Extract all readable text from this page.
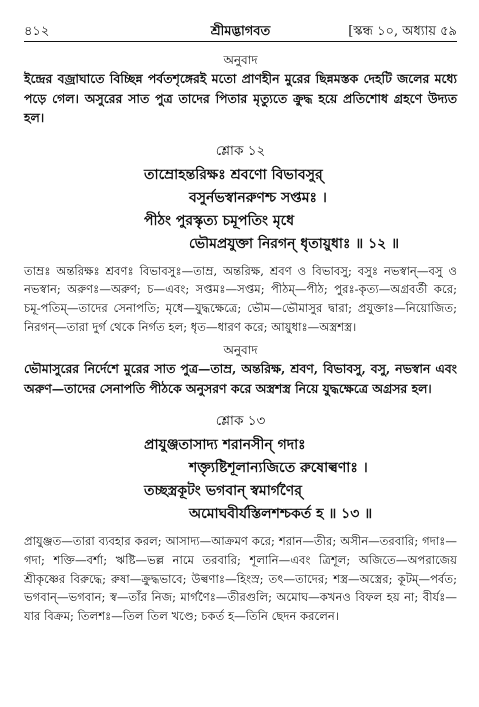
৪১২	শ্রীমদ্ভাগবত	[স্কন্ধ ১০, অধ্যায় ৫৯

অনুবাদ

ইন্দ্রের বজ্রাঘাতে বিচ্ছিন্ন পর্বতশৃঙ্গেরই মতো প্রাণহীন মুরের ছিন্নমস্তক দেহটি জলের মধ্যে পড়ে গেল। অসুরের সাত পুত্র তাদের পিতার মৃত্যুতে ক্রুদ্ধ হয়ে প্রতিশোধ গ্রহণে উদ্যত হল।

শ্লোক ১২

তাম্রোহন্তরিক্ষঃ শ্রবণো বিভাবসুর্

বসুর্নভস্বানরুণশ্চ সপ্তমঃ ।

পীঠং পুরস্কৃত্য চমূপতিং মৃধে

ভৌমপ্রযুক্তা নিরগন্ ধৃতায়ুধাঃ ॥ ১২ ॥

তাম্রঃ অন্তরিক্ষঃ শ্রবণঃ বিভাবসুঃ—তাম্র, অন্তরিক্ষ, শ্রবণ ও বিভাবসু; বসুঃ নভস্বান্—বসু ও নভস্বান; অরুণঃ—অরুণ; চ—এবং; সপ্তমঃ—সপ্তম; পীঠম্—পীঠ; পুরঃ-কৃত্য—অগ্রবর্তী করে; চমূ-পতিম্—তাদের সেনাপতি; মৃধে—যুদ্ধক্ষেত্রে; ভৌম—ভৌমাসুর দ্বারা; প্রযুক্তাঃ—নিয়োজিত; নিরগন্—তারা দুর্গ থেকে নির্গত হল; ধৃত—ধারণ করে; আয়ুধাঃ—অস্ত্রশস্ত্র।

অনুবাদ

ভৌমাসুরের নির্দেশে মুরের সাত পুত্র—তাম্র, অন্তরিক্ষ, শ্রবণ, বিভাবসু, বসু, নভস্বান এবং অরুণ—তাদের সেনাপতি পীঠকে অনুসরণ করে অস্ত্রশস্ত্র নিয়ে যুদ্ধক্ষেত্রে অগ্রসর হল।

শ্লোক ১৩

প্রাযুঞ্জতাসাদ্য শরানসীন্ গদাঃ

শক্ত্যৃষ্টিশূলান্যজিতে রুষোল্বণাঃ ।

তচ্ছস্ত্রকূটং ভগবান্ স্বমার্গণৈর্

অমোঘবীর্যস্তিলশশ্চকর্ত হ ॥ ১৩ ॥

প্রাযুঞ্জত—তারা ব্যবহার করল; আসাদ্য—আক্রমণ করে; শরান—তীর; অসীন—তরবারি; গদাঃ—গদা; শক্তি—বর্শা; ঋষ্টি—ভল্ল নামে তরবারি; শূলানি—এবং ত্রিশূল; অজিতে—অপরাজেয় শ্রীকৃষ্ণের বিরুদ্ধে; রুষা—ক্রুদ্ধভাবে; উল্বণাঃ—হিংস্র; তৎ—তাদের; শস্ত্র—অস্ত্রের; কূটম্—পর্বত; ভগবান্—ভগবান; স্ব—তাঁর নিজ; মার্গণৈঃ—তীরগুলি; অমোঘ—কখনও বিফল হয় না; বীর্যঃ—যার বিক্রম; তিলশঃ—তিল তিল খণ্ডে; চকর্ত হ—তিনি ছেদন করলেন।
